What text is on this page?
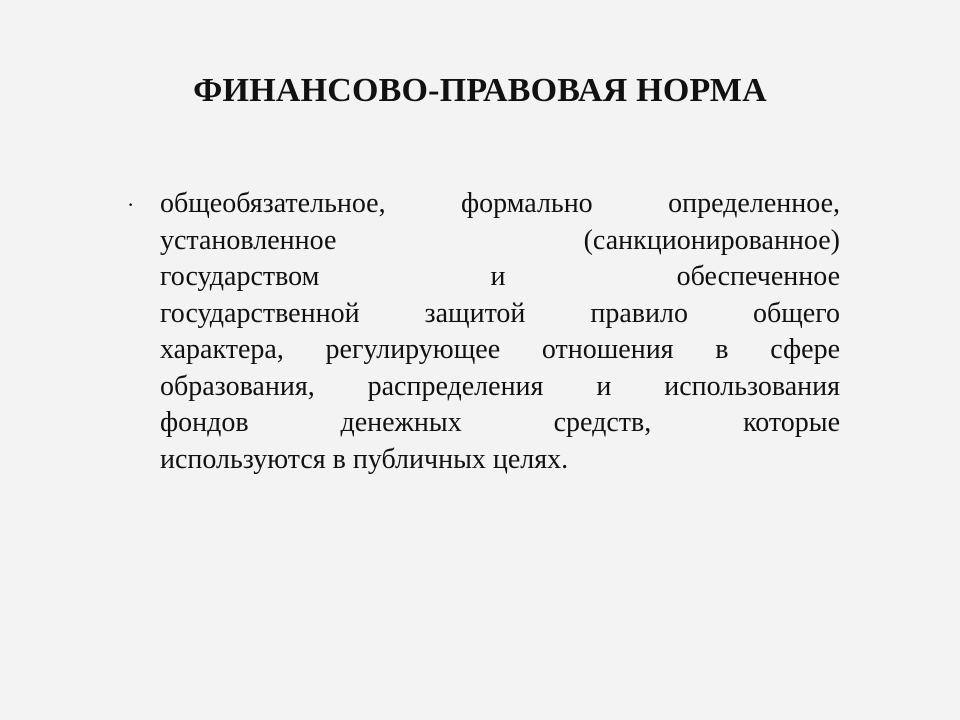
ФИНАНСОВО-ПРАВОВАЯ НОРМА
· общеобязательное, формально определенное,
установленное (санкционированное)
государством и обеспеченное
государственной защитой правило общего
характера, регулирующее отношения в сфере
образования, распределения и использования
фондов денежных средств, которые
используются в публичных целях.
